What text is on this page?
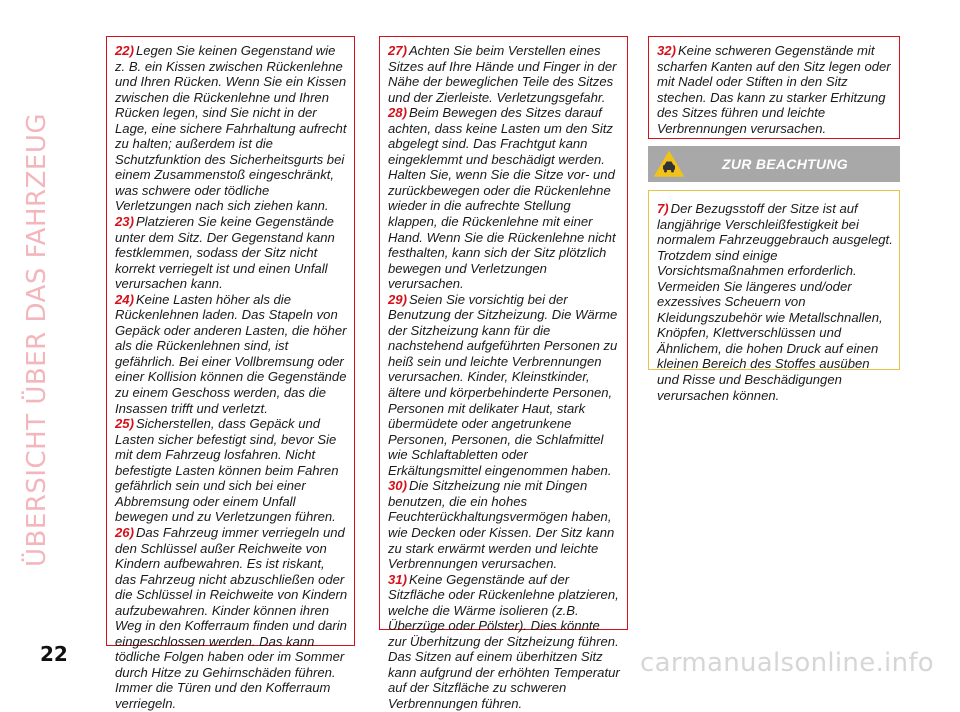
ÜBERSICHT ÜBER DAS FAHRZEUG
22) Legen Sie keinen Gegenstand wie z. B. ein Kissen zwischen Rückenlehne und Ihren Rücken. Wenn Sie ein Kissen zwischen die Rückenlehne und Ihren Rücken legen, sind Sie nicht in der Lage, eine sichere Fahrhaltung aufrecht zu halten; außerdem ist die Schutzfunktion des Sicherheitsgurts bei einem Zusammenstoß eingeschränkt, was schwere oder tödliche Verletzungen nach sich ziehen kann.
23) Platzieren Sie keine Gegenstände unter dem Sitz. Der Gegenstand kann festklemmen, sodass der Sitz nicht korrekt verriegelt ist und einen Unfall verursachen kann.
24) Keine Lasten höher als die Rückenlehnen laden. Das Stapeln von Gepäck oder anderen Lasten, die höher als die Rückenlehnen sind, ist gefährlich. Bei einer Vollbremsung oder einer Kollision können die Gegenstände zu einem Geschoss werden, das die Insassen trifft und verletzt.
25) Sicherstellen, dass Gepäck und Lasten sicher befestigt sind, bevor Sie mit dem Fahrzeug losfahren. Nicht befestigte Lasten können beim Fahren gefährlich sein und sich bei einer Abbremsung oder einem Unfall bewegen und zu Verletzungen führen.
26) Das Fahrzeug immer verriegeln und den Schlüssel außer Reichweite von Kindern aufbewahren. Es ist riskant, das Fahrzeug nicht abzuschließen oder die Schlüssel in Reichweite von Kindern aufzubewahren. Kinder können ihren Weg in den Kofferraum finden und darin eingeschlossen werden. Das kann tödliche Folgen haben oder im Sommer durch Hitze zu Gehirnschäden führen. Immer die Türen und den Kofferraum verriegeln.
27) Achten Sie beim Verstellen eines Sitzes auf Ihre Hände und Finger in der Nähe der beweglichen Teile des Sitzes und der Zierleiste. Verletzungsgefahr.
28) Beim Bewegen des Sitzes darauf achten, dass keine Lasten um den Sitz abgelegt sind. Das Frachtgut kann eingeklemmt und beschädigt werden. Halten Sie, wenn Sie die Sitze vor- und zurückbewegen oder die Rückenlehne wieder in die aufrechte Stellung klappen, die Rückenlehne mit einer Hand. Wenn Sie die Rückenlehne nicht festhalten, kann sich der Sitz plötzlich bewegen und Verletzungen verursachen.
29) Seien Sie vorsichtig bei der Benutzung der Sitzheizung. Die Wärme der Sitzheizung kann für die nachstehend aufgeführten Personen zu heiß sein und leichte Verbrennungen verursachen. Kinder, Kleinstkinder, ältere und körperbehinderte Personen, Personen mit delikater Haut, stark übermüdete oder angetrunkene Personen, Personen, die Schlafmittel wie Schlaftabletten oder Erkältungsmittel eingenommen haben.
30) Die Sitzheizung nie mit Dingen benutzen, die ein hohes Feuchterückhaltungsvermögen haben, wie Decken oder Kissen. Der Sitz kann zu stark erwärmt werden und leichte Verbrennungen verursachen.
31) Keine Gegenstände auf der Sitzfläche oder Rückenlehne platzieren, welche die Wärme isolieren (z.B. Überzüge oder Pölster). Dies könnte zur Überhitzung der Sitzheizung führen. Das Sitzen auf einem überhitzen Sitz kann aufgrund der erhöhten Temperatur auf der Sitzfläche zu schweren Verbrennungen führen.
32) Keine schweren Gegenstände mit scharfen Kanten auf den Sitz legen oder mit Nadel oder Stiften in den Sitz stechen. Das kann zu starker Erhitzung des Sitzes führen und leichte Verbrennungen verursachen.
ZUR BEACHTUNG
7) Der Bezugsstoff der Sitze ist auf langjährige Verschleißfestigkeit bei normalem Fahrzeuggebrauch ausgelegt. Trotzdem sind einige Vorsichtsmaßnahmen erforderlich. Vermeiden Sie längeres und/oder exzessives Scheuern von Kleidungszubehör wie Metallschnallen, Knöpfen, Klettverschlüssen und Ähnlichem, die hohen Druck auf einen kleinen Bereich des Stoffes ausüben und Risse und Beschädigungen verursachen können.
22	carmanualsonline.info
